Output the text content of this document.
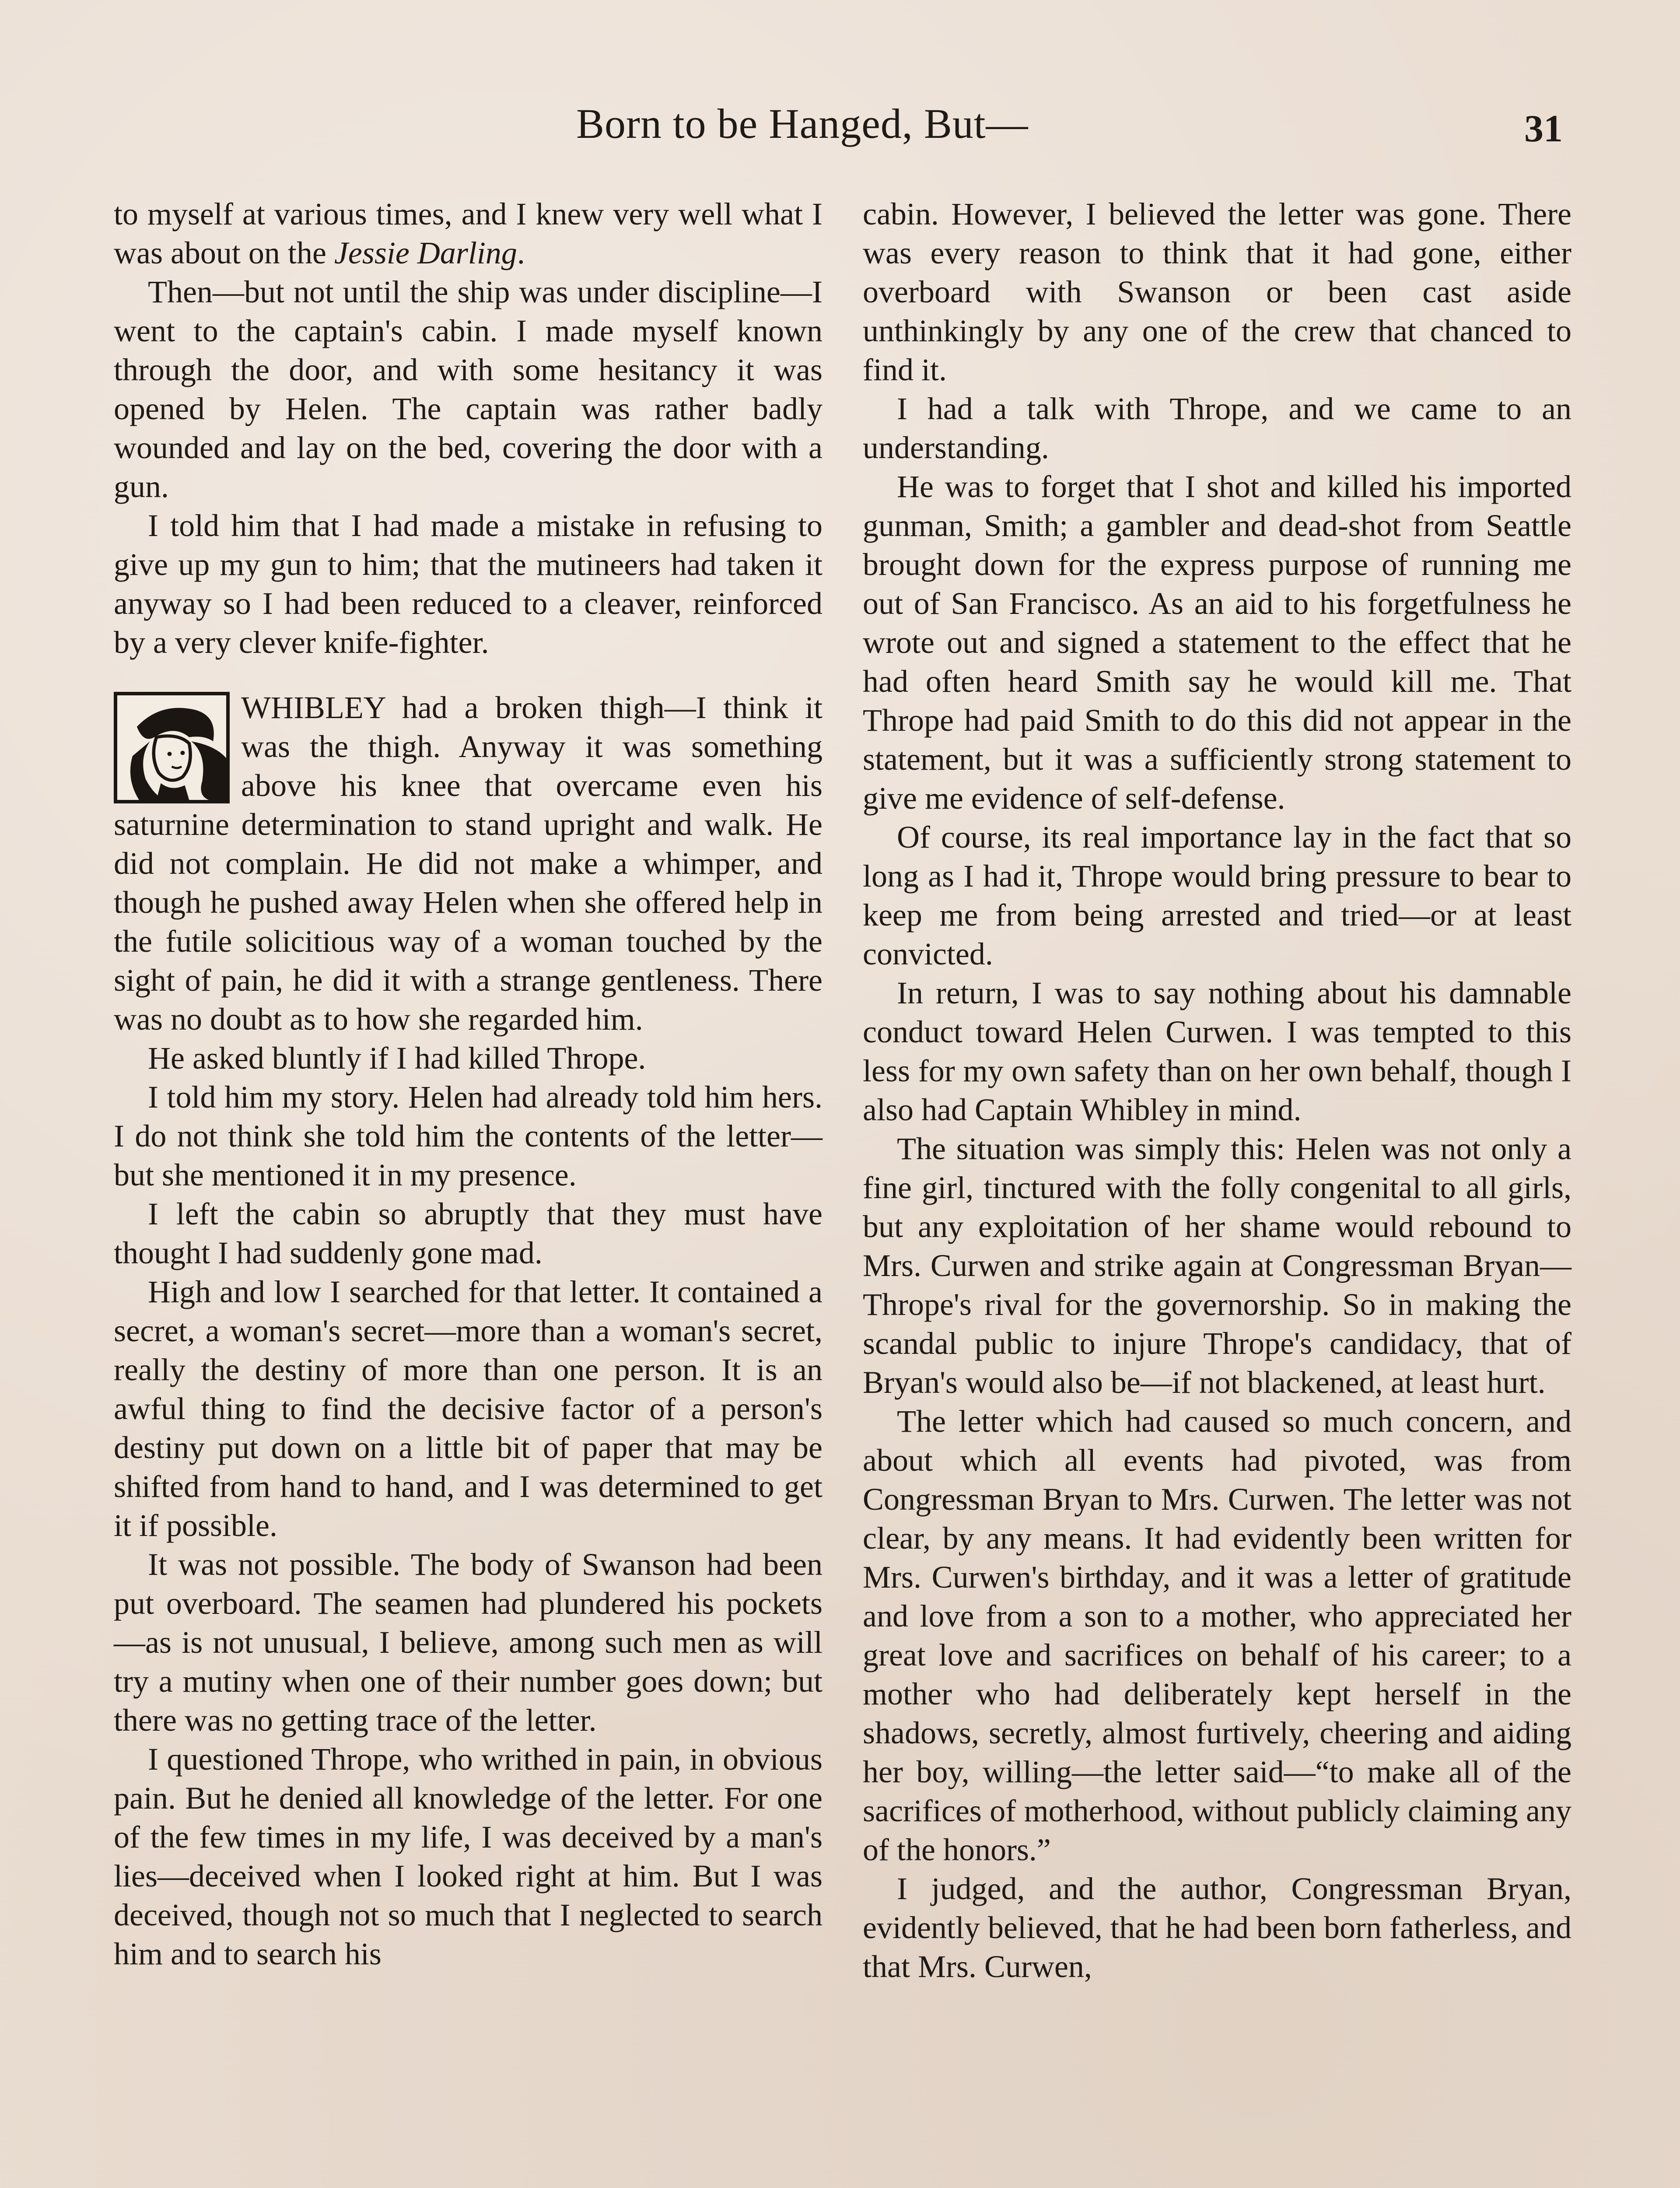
Born to be Hanged, But—	31

to myself at various times, and I knew very well what I was about on the Jessie Darling.

Then—but not until the ship was under discipline—I went to the captain's cabin. I made myself known through the door, and with some hesitancy it was opened by Helen. The captain was rather badly wounded and lay on the bed, covering the door with a gun.

I told him that I had made a mistake in refusing to give up my gun to him; that the mutineers had taken it anyway so I had been reduced to a cleaver, reinforced by a very clever knife-fighter.

WHIBLEY had a broken thigh—I think it was the thigh. Anyway it was something above his knee that overcame even his saturnine determination to stand upright and walk. He did not complain. He did not make a whimper, and though he pushed away Helen when she offered help in the futile solicitious way of a woman touched by the sight of pain, he did it with a strange gentleness. There was no doubt as to how she regarded him.

He asked bluntly if I had killed Thrope.

I told him my story. Helen had already told him hers. I do not think she told him the contents of the letter—but she mentioned it in my presence.

I left the cabin so abruptly that they must have thought I had suddenly gone mad.

High and low I searched for that letter. It contained a secret, a woman's secret—more than a woman's secret, really the destiny of more than one person. It is an awful thing to find the decisive factor of a person's destiny put down on a little bit of paper that may be shifted from hand to hand, and I was determined to get it if possible.

It was not possible. The body of Swanson had been put overboard. The seamen had plundered his pockets—as is not unusual, I believe, among such men as will try a mutiny when one of their number goes down; but there was no getting trace of the letter.

I questioned Thrope, who writhed in pain, in obvious pain. But he denied all knowledge of the letter. For one of the few times in my life, I was deceived by a man's lies—deceived when I looked right at him. But I was deceived, though not so much that I neglected to search him and to search his

cabin. However, I believed the letter was gone. There was every reason to think that it had gone, either overboard with Swanson or been cast aside unthinkingly by any one of the crew that chanced to find it.

I had a talk with Thrope, and we came to an understanding.

He was to forget that I shot and killed his imported gunman, Smith; a gambler and dead-shot from Seattle brought down for the express purpose of running me out of San Francisco. As an aid to his forgetfulness he wrote out and signed a statement to the effect that he had often heard Smith say he would kill me. That Thrope had paid Smith to do this did not appear in the statement, but it was a sufficiently strong statement to give me evidence of self-defense.

Of course, its real importance lay in the fact that so long as I had it, Thrope would bring pressure to bear to keep me from being arrested and tried—or at least convicted.

In return, I was to say nothing about his damnable conduct toward Helen Curwen. I was tempted to this less for my own safety than on her own behalf, though I also had Captain Whibley in mind.

The situation was simply this: Helen was not only a fine girl, tinctured with the folly congenital to all girls, but any exploitation of her shame would rebound to Mrs. Curwen and strike again at Congressman Bryan—Thrope's rival for the governorship. So in making the scandal public to injure Thrope's candidacy, that of Bryan's would also be—if not blackened, at least hurt.

The letter which had caused so much concern, and about which all events had pivoted, was from Congressman Bryan to Mrs. Curwen. The letter was not clear, by any means. It had evidently been written for Mrs. Curwen's birthday, and it was a letter of gratitude and love from a son to a mother, who appreciated her great love and sacrifices on behalf of his career; to a mother who had deliberately kept herself in the shadows, secretly, almost furtively, cheering and aiding her boy, willing—the letter said—“to make all of the sacrifices of motherhood, without publicly claiming any of the honors.”

I judged, and the author, Congressman Bryan, evidently believed, that he had been born fatherless, and that Mrs. Curwen,
